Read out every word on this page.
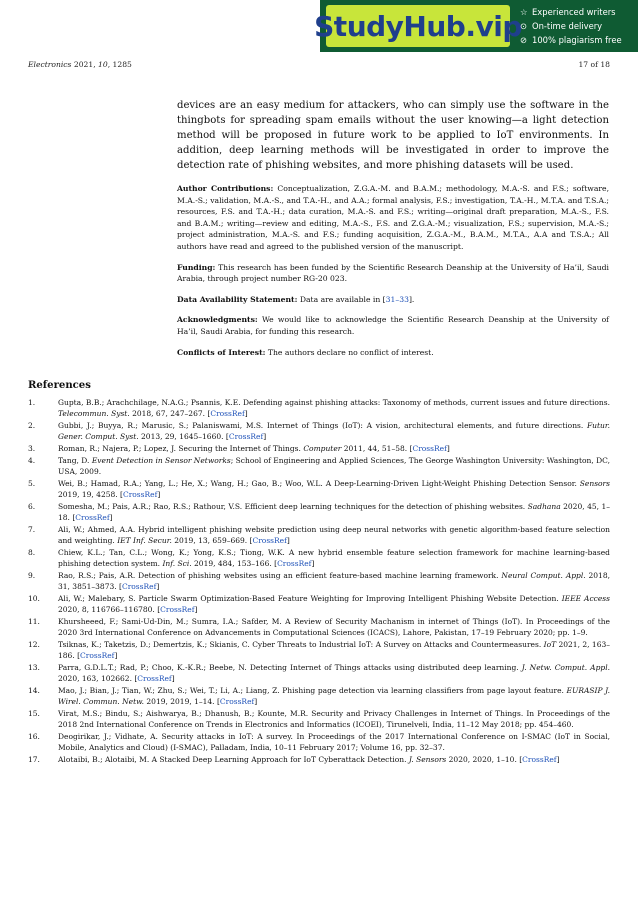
StudyHub.vip
☆ Experienced writers
⊙ On-time delivery
⊘ 100% plagiarism free
Electronics 2021, 10, 1285	17 of 18

devices are an easy medium for attackers, who can simply use the software in the thingbots for spreading spam emails without the user knowing—a light detection method will be proposed in future work to be applied to IoT environments. In addition, deep learning methods will be investigated in order to improve the detection rate of phishing websites, and more phishing datasets will be used.

Author Contributions: Conceptualization, Z.G.A.-M. and B.A.M.; methodology, M.A.-S. and F.S.; software, M.A.-S.; validation, M.A.-S., and T.A.-H., and A.A.; formal analysis, F.S.; investigation, T.A.-H., M.T.A. and T.S.A.; resources, F.S. and T.A.-H.; data curation, M.A.-S. and F.S.; writing—original draft preparation, M.A.-S., F.S. and B.A.M.; writing—review and editing, M.A.-S., F.S. and Z.G.A.-M.; visualization, F.S.; supervision, M.A.-S.; project administration, M.A.-S. and F.S.; funding acquisition, Z.G.A.-M., B.A.M., M.T.A., A.A and T.S.A.; All authors have read and agreed to the published version of the manuscript.

Funding: This research has been funded by the Scientific Research Deanship at the University of Ha’il, Saudi Arabia, through project number RG-20 023.

Data Availability Statement: Data are available in [31–33].

Acknowledgments: We would like to acknowledge the Scientific Research Deanship at the University of Ha’il, Saudi Arabia, for funding this research.

Conflicts of Interest: The authors declare no conflict of interest.

References
1.	Gupta, B.B.; Arachchilage, N.A.G.; Psannis, K.E. Defending against phishing attacks: Taxonomy of methods, current issues and future directions. Telecommun. Syst. 2018, 67, 247–267. [CrossRef]
2.	Gubbi, J.; Buyya, R.; Marusic, S.; Palaniswami, M.S. Internet of Things (IoT): A vision, architectural elements, and future directions. Futur. Gener. Comput. Syst. 2013, 29, 1645–1660. [CrossRef]
3.	Roman, R.; Najera, P.; Lopez, J. Securing the Internet of Things. Computer 2011, 44, 51–58. [CrossRef]
4.	Tang, D. Event Detection in Sensor Networks; School of Engineering and Applied Sciences, The George Washington University: Washington, DC, USA, 2009.
5.	Wei, B.; Hamad, R.A.; Yang, L.; He, X.; Wang, H.; Gao, B.; Woo, W.L. A Deep-Learning-Driven Light-Weight Phishing Detection Sensor. Sensors 2019, 19, 4258. [CrossRef]
6.	Somesha, M.; Pais, A.R.; Rao, R.S.; Rathour, V.S. Efficient deep learning techniques for the detection of phishing websites. Sadhana 2020, 45, 1–18. [CrossRef]
7.	Ali, W.; Ahmed, A.A. Hybrid intelligent phishing website prediction using deep neural networks with genetic algorithm-based feature selection and weighting. IET Inf. Secur. 2019, 13, 659–669. [CrossRef]
8.	Chiew, K.L.; Tan, C.L.; Wong, K.; Yong, K.S.; Tiong, W.K. A new hybrid ensemble feature selection framework for machine learning-based phishing detection system. Inf. Sci. 2019, 484, 153–166. [CrossRef]
9.	Rao, R.S.; Pais, A.R. Detection of phishing websites using an efficient feature-based machine learning framework. Neural Comput. Appl. 2018, 31, 3851–3873. [CrossRef]
10.	Ali, W.; Malebary, S. Particle Swarm Optimization-Based Feature Weighting for Improving Intelligent Phishing Website Detection. IEEE Access 2020, 8, 116766–116780. [CrossRef]
11.	Khursheeed, F.; Sami-Ud-Din, M.; Sumra, I.A.; Safder, M. A Review of Security Machanism in internet of Things (IoT). In Proceedings of the 2020 3rd International Conference on Advancements in Computational Sciences (ICACS), Lahore, Pakistan, 17–19 February 2020; pp. 1–9.
12.	Tsiknas, K.; Taketzis, D.; Demertzis, K.; Skianis, C. Cyber Threats to Industrial IoT: A Survey on Attacks and Countermeasures. IoT 2021, 2, 163–186. [CrossRef]
13.	Parra, G.D.L.T.; Rad, P.; Choo, K.-K.R.; Beebe, N. Detecting Internet of Things attacks using distributed deep learning. J. Netw. Comput. Appl. 2020, 163, 102662. [CrossRef]
14.	Mao, J.; Bian, J.; Tian, W.; Zhu, S.; Wei, T.; Li, A.; Liang, Z. Phishing page detection via learning classifiers from page layout feature. EURASIP J. Wirel. Commun. Netw. 2019, 2019, 1–14. [CrossRef]
15.	Virat, M.S.; Bindu, S.; Aishwarya, B.; Dhanush, B.; Kounte, M.R. Security and Privacy Challenges in Internet of Things. In Proceedings of the 2018 2nd International Conference on Trends in Electronics and Informatics (ICOEI), Tirunelveli, India, 11–12 May 2018; pp. 454–460.
16.	Deogirikar, J.; Vidhate, A. Security attacks in IoT: A survey. In Proceedings of the 2017 International Conference on I-SMAC (IoT in Social, Mobile, Analytics and Cloud) (I-SMAC), Palladam, India, 10–11 February 2017; Volume 16, pp. 32–37.
17.	Alotaibi, B.; Alotaibi, M. A Stacked Deep Learning Approach for IoT Cyberattack Detection. J. Sensors 2020, 2020, 1–10. [CrossRef]
